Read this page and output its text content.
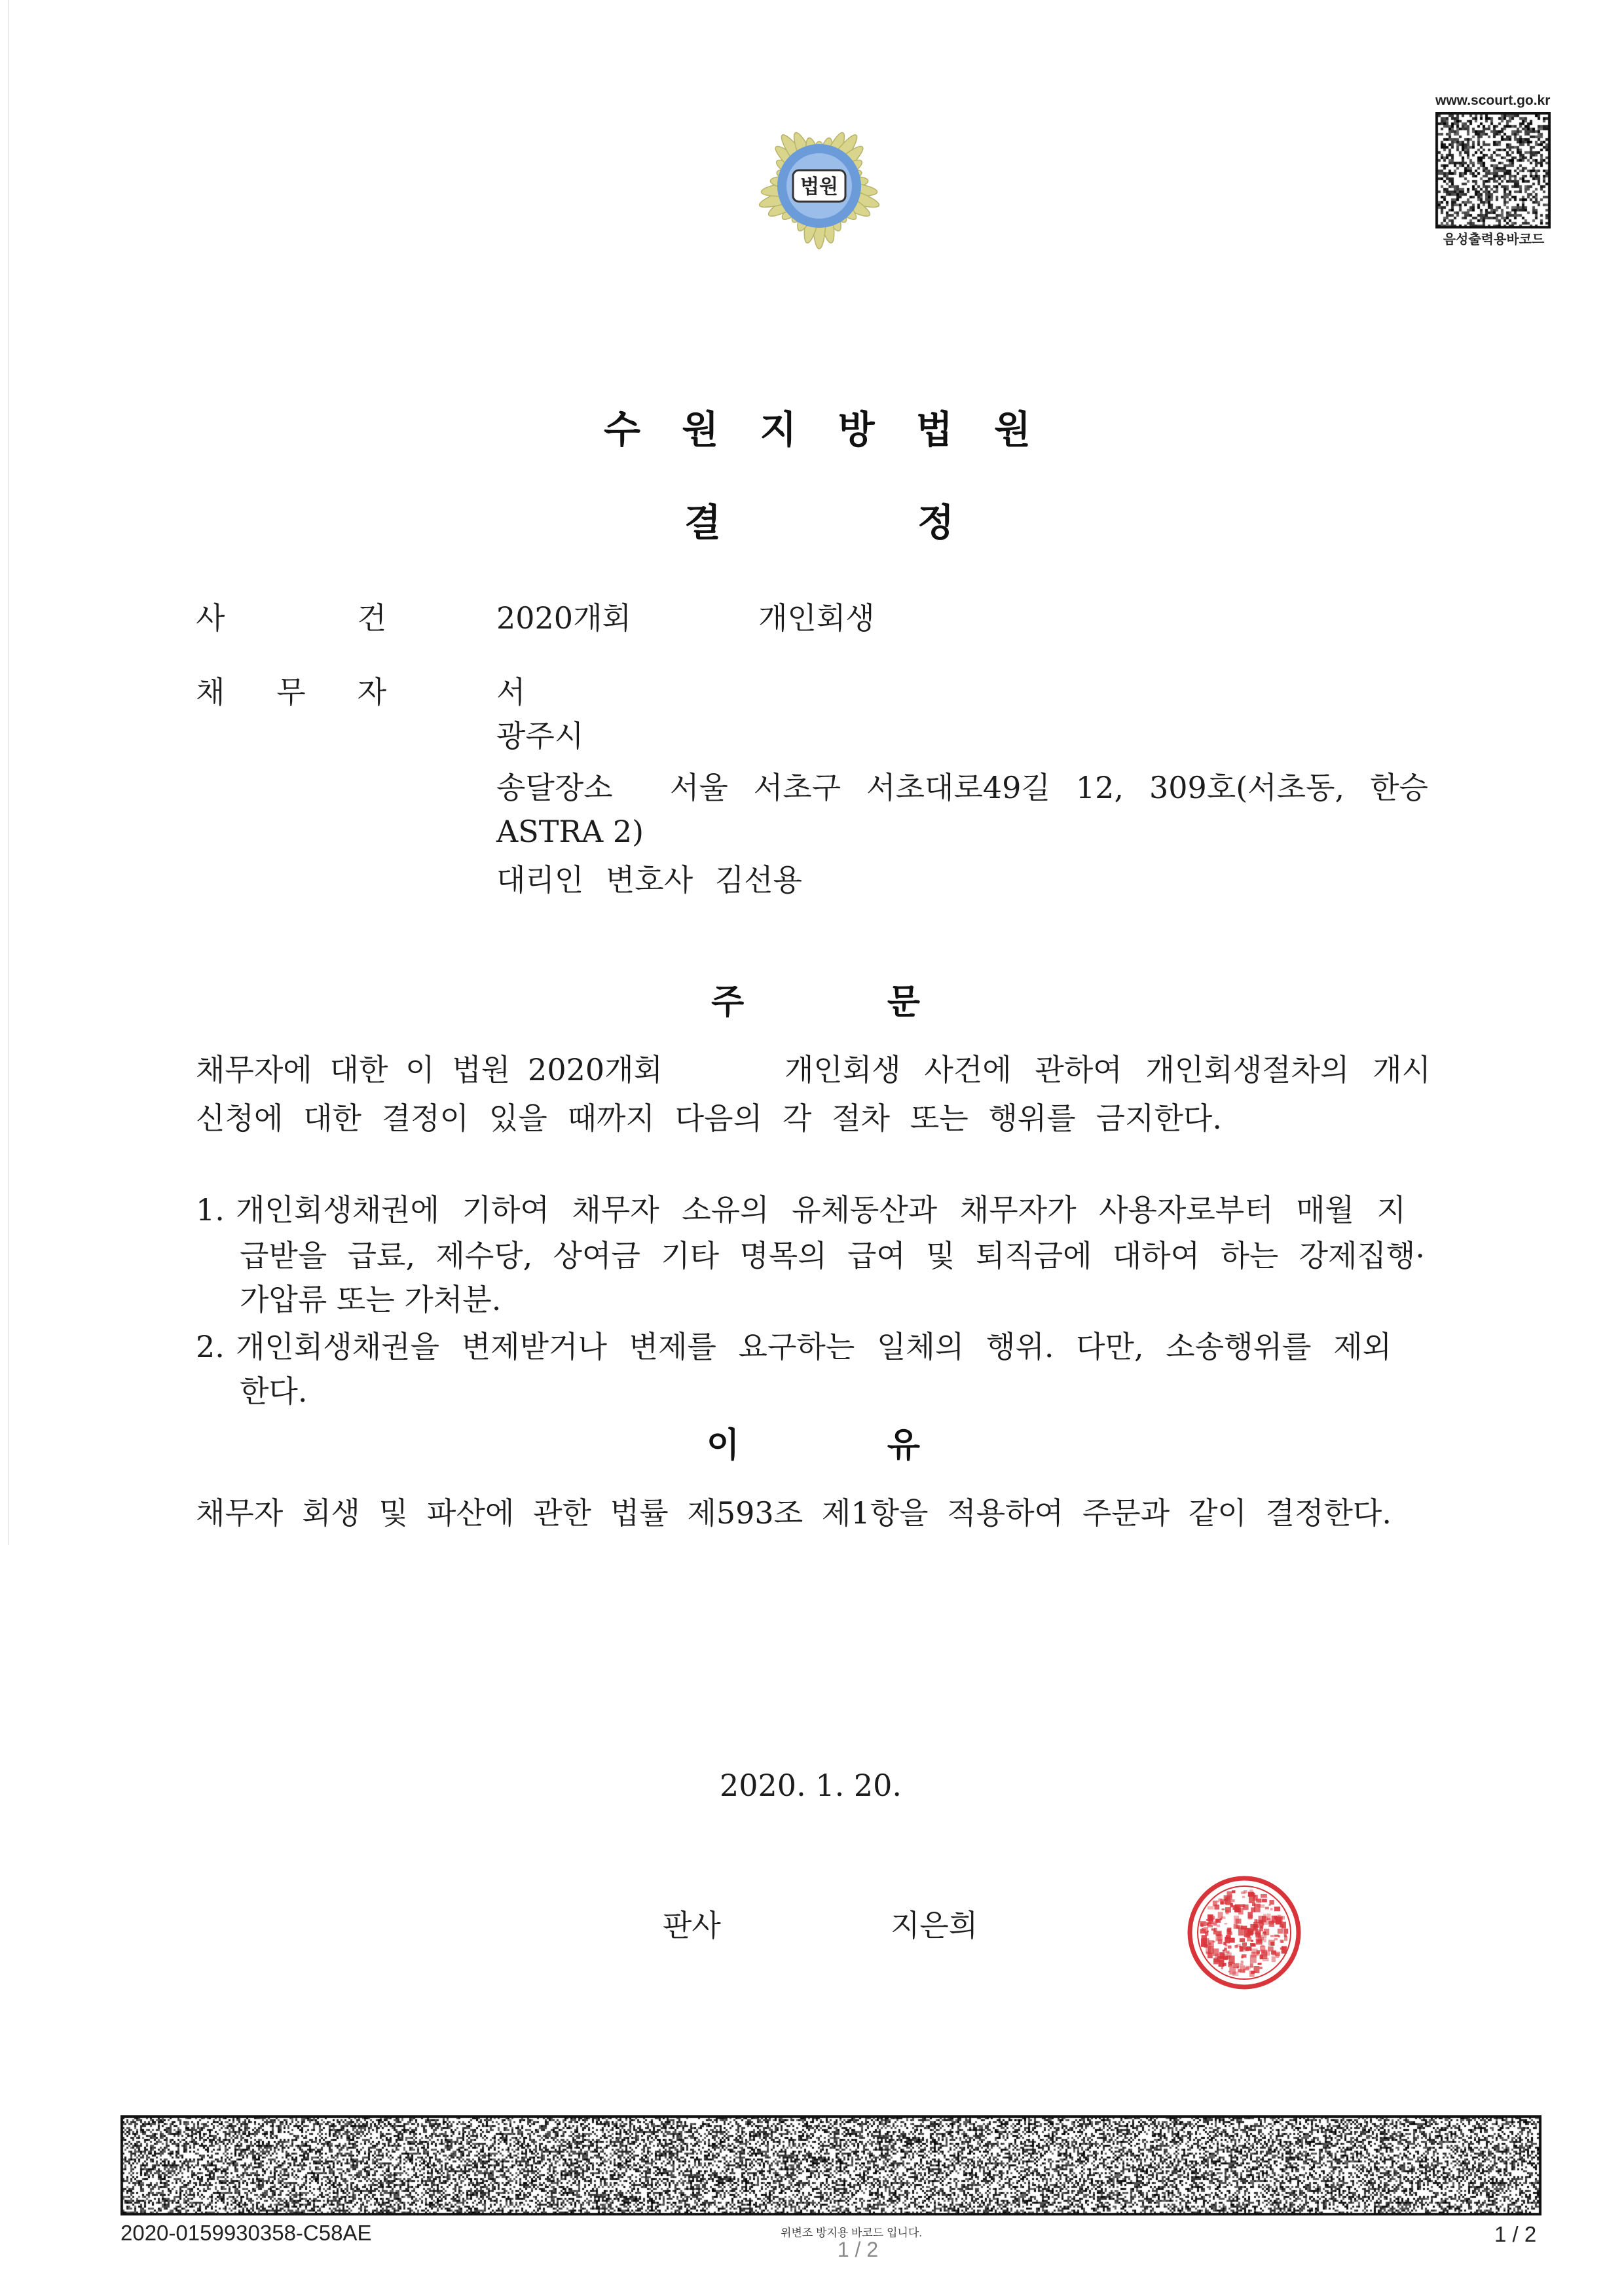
법원
www.scourt.go.kr
음성출력용바코드
수 원 지 방 법 원
결	정
사	건	2020개회	개인회생
채 무 자	서
광주시
송달장소 서울 서초구 서초대로49길 12, 309호(서초동, 한승
ASTRA 2)
대리인 변호사 김선용
주	문
채무자에 대한 이 법원 2020개회	개인회생 사건에 관하여 개인회생절차의 개시
신청에 대한 결정이 있을 때까지 다음의 각 절차 또는 행위를 금지한다.
1. 개인회생채권에 기하여 채무자 소유의 유체동산과 채무자가 사용자로부터 매월 지
급받을 급료, 제수당, 상여금 기타 명목의 급여 및 퇴직금에 대하여 하는 강제집행·
가압류 또는 가처분.
2. 개인회생채권을 변제받거나 변제를 요구하는 일체의 행위. 다만, 소송행위를 제외
한다.
이	유
채무자 회생 및 파산에 관한 법률 제593조 제1항을 적용하여 주문과 같이 결정한다.
2020. 1. 20.
판사	지은희
2020-0159930358-C58AE	위변조 방지용 바코드 입니다.
1 / 2
1 / 2
